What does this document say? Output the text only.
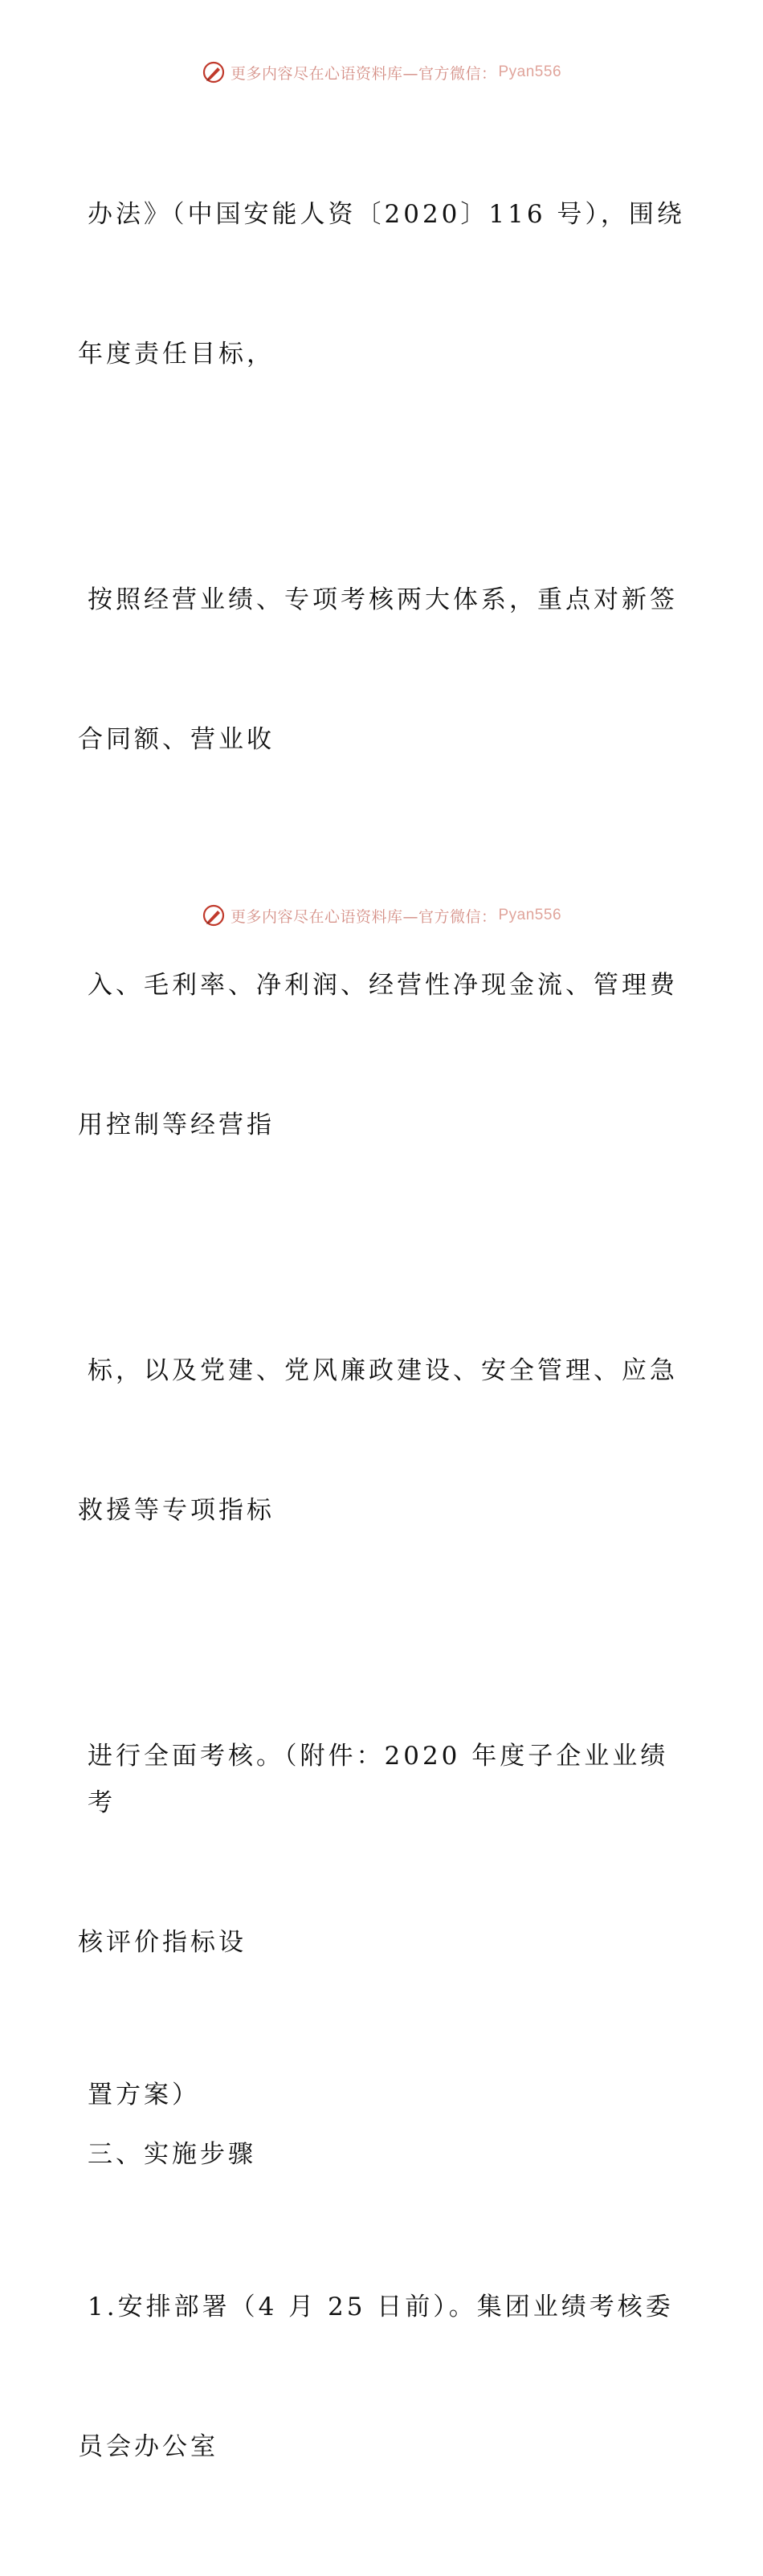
更多内容尽在心语资料库—官方微信： Pyan556

办法》（中国安能人资〔2020〕116 号），围绕

年度责任目标，

按照经营业绩、专项考核两大体系，重点对新签

合同额、营业收

入、毛利率、净利润、经营性净现金流、管理费

用控制等经营指

标，以及党建、党风廉政建设、安全管理、应急

救援等专项指标

进行全面考核。（附件：2020 年度子企业业绩考

核评价指标设

置方案）
三、实施步骤

1.安排部署（4 月 25 日前）。集团业绩考核委

员会办公室

更多内容尽在心语资料库—官方微信： Pyan556
